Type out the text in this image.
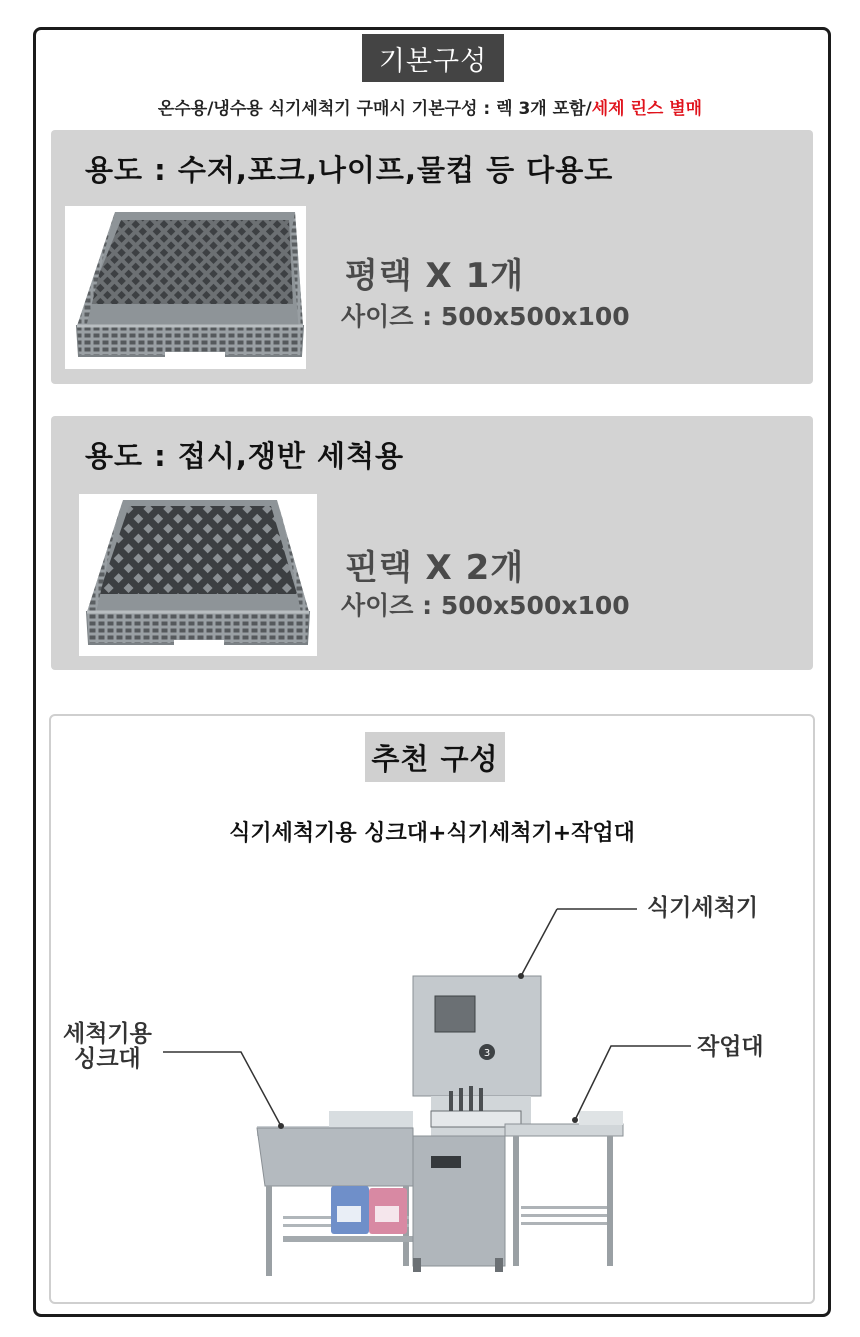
기본구성
온수용/냉수용 식기세척기 구매시 기본구성 : 렉 3개 포함/세제 린스 별매
용도 : 수저,포크,나이프,물컵 등 다용도
평랙 X 1개
사이즈 : 500x500x100
용도 : 접시,쟁반 세척용
핀랙 X 2개
사이즈 : 500x500x100
추천 구성
식기세척기용 싱크대+식기세척기+작업대
3
식기세척기
작업대
세척기용
싱크대
